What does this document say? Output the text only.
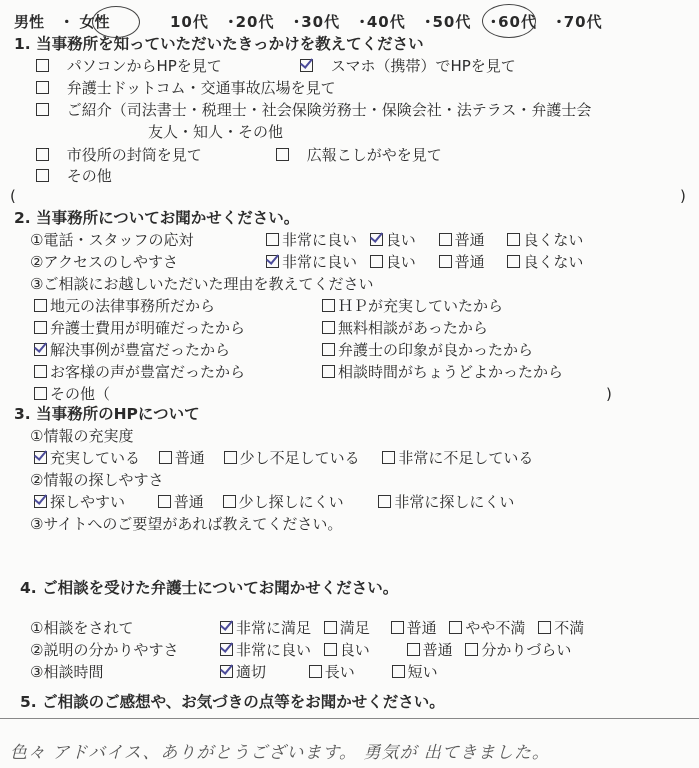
男性 ・ 女性	10代 ･20代 ･30代 ･40代 ･50代 ･60代 ･70代
1. 当事務所を知っていただいたきっかけを教えてください
パソコンからHPを見て	スマホ（携帯）でHPを見て
弁護士ドットコム・交通事故広場を見て
ご紹介（司法書士・税理士・社会保険労務士・保険会社・法テラス・弁護士会
友人・知人・その他
市役所の封筒を見て	広報こしがやを見て
その他
(	)
2. 当事務所についてお聞かせください。
①電話・スタッフの応対	非常に良い 良い	普通	良くない
②アクセスのしやすさ	非常に良い 良い	普通	良くない
③ご相談にお越しいただいた理由を教えてください
地元の法律事務所だから	ＨＰが充実していたから
弁護士費用が明確だったから	無料相談があったから
解決事例が豊富だったから	弁護士の印象が良かったから
お客様の声が豊富だったから	相談時間がちょうどよかったから
その他（	)
3. 当事務所のHPについて
①情報の充実度
充実している 普通 少し不足している	非常に不足している
②情報の探しやすさ
探しやすい	普通 少し探しにくい	非常に探しにくい
③サイトへのご要望があれば教えてください。
4. ご相談を受けた弁護士についてお聞かせください。
①相談をされて	非常に満足 満足 普通 やや不満 不満
②説明の分かりやすさ	非常に良い 良い	普通 分かりづらい
③相談時間	適切	長い	短い
5. ご相談のご感想や、お気づきの点等をお聞かせください。
色々 アドバイス、ありがとうございます。 勇気が 出てきました。
